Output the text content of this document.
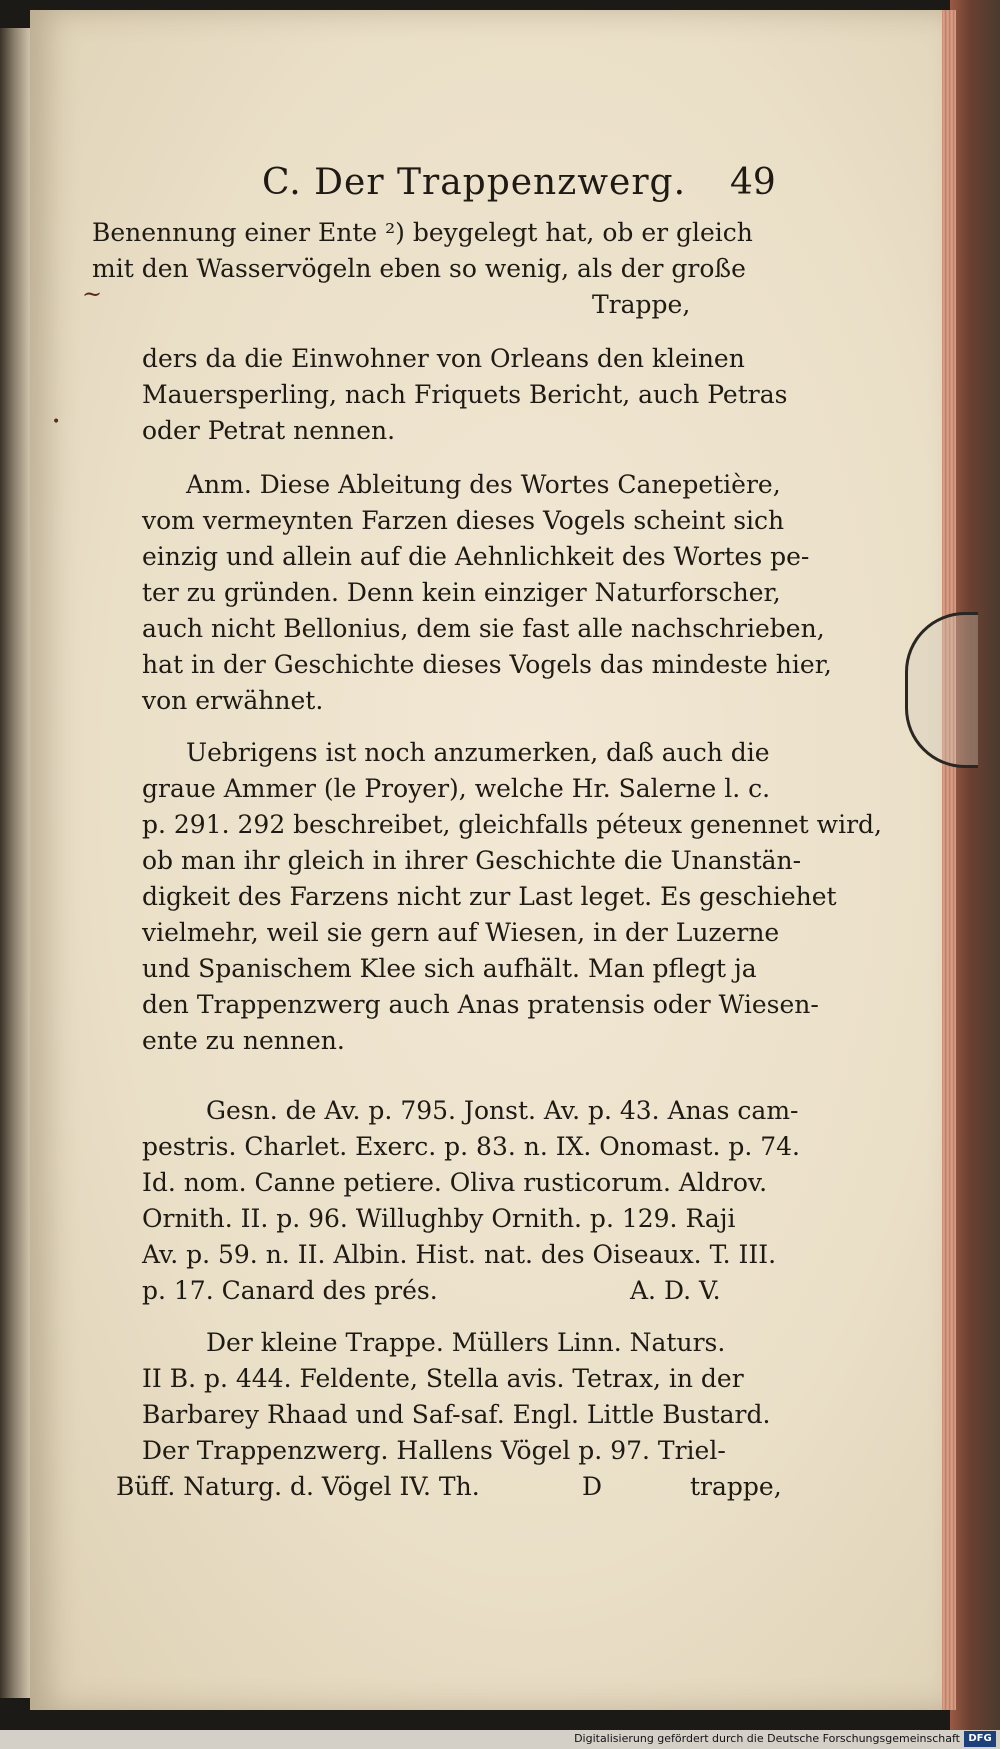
C. Der Trappenzwerg. 49
~
•
Benennung einer Ente ²) beygelegt hat, ob er gleich
mit den Wasservögeln eben so wenig, als der große
Trappe,
ders da die Einwohner von Orleans den kleinen
Mauersperling, nach Friquets Bericht, auch Petras
oder Petrat nennen.
Anm. Diese Ableitung des Wortes Canepetière,
vom vermeynten Farzen dieses Vogels scheint sich
einzig und allein auf die Aehnlichkeit des Wortes pe-
ter zu gründen. Denn kein einziger Naturforscher,
auch nicht Bellonius, dem sie fast alle nachschrieben,
hat in der Geschichte dieses Vogels das mindeste hier,
von erwähnet.
Uebrigens ist noch anzumerken, daß auch die
graue Ammer (le Proyer), welche Hr. Salerne l. c.
p. 291. 292 beschreibet, gleichfalls péteux genennet wird,
ob man ihr gleich in ihrer Geschichte die Unanstän-
digkeit des Farzens nicht zur Last leget. Es geschiehet
vielmehr, weil sie gern auf Wiesen, in der Luzerne
und Spanischem Klee sich aufhält. Man pflegt ja
den Trappenzwerg auch Anas pratensis oder Wiesen-
ente zu nennen.
Gesn. de Av. p. 795. Jonst. Av. p. 43. Anas cam-
pestris. Charlet. Exerc. p. 83. n. IX. Onomast. p. 74.
Id. nom. Canne petiere. Oliva rusticorum. Aldrov.
Ornith. II. p. 96. Willughby Ornith. p. 129. Raji
Av. p. 59. n. II. Albin. Hist. nat. des Oiseaux. T. III.
p. 17. Canard des prés.	A. D. V.
Der kleine Trappe. Müllers Linn. Naturs.
II B. p. 444. Feldente, Stella avis. Tetrax, in der
Barbarey Rhaad und Saf-saf. Engl. Little Bustard.
Der Trappenzwerg. Hallens Vögel p. 97. Triel-
Büff. Naturg. d. Vögel IV. Th.	D	trappe,
Digitalisierung gefördert durch die Deutsche Forschungsgemeinschaft DFG
